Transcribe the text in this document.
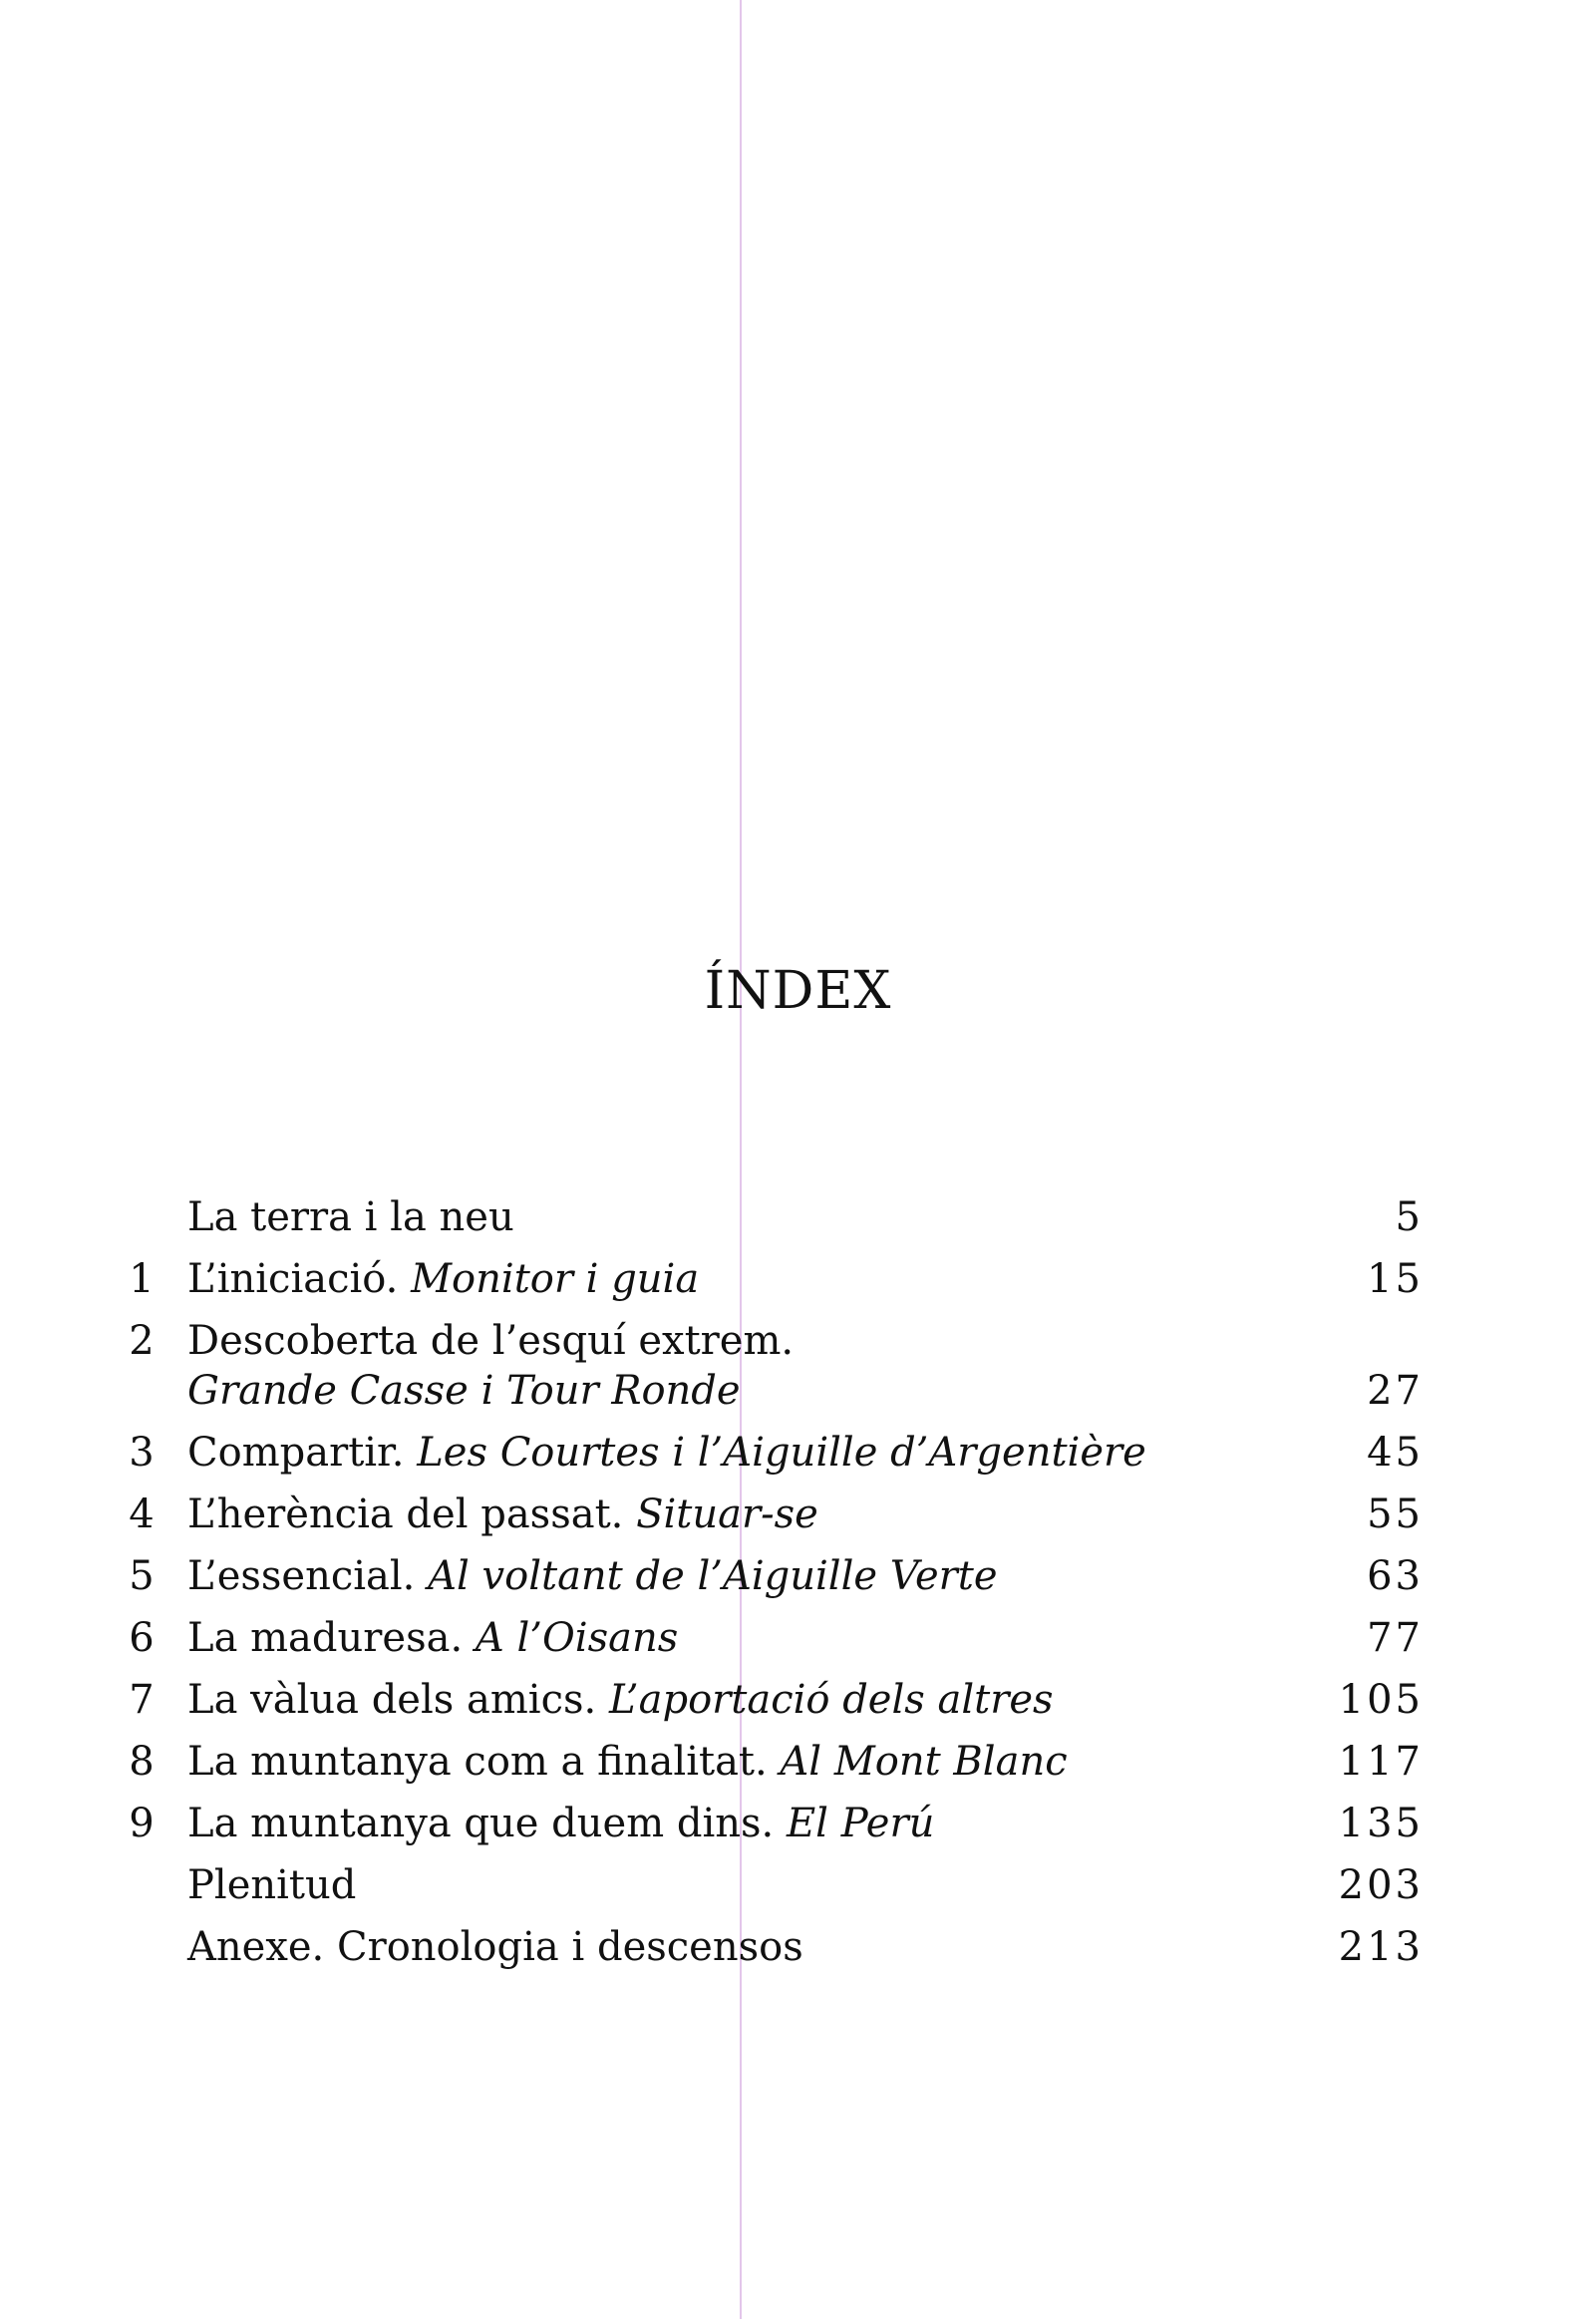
ÍNDEX
La terra i la neu	5
1 L’iniciació. Monitor i guia	15
2 Descoberta de l’esquí extrem.
Grande Casse i Tour Ronde	27
3 Compartir. Les Courtes i l’Aiguille d’Argentière	45
4 L’herència del passat. Situar-se	55
5 L’essencial. Al voltant de l’Aiguille Verte	63
6 La maduresa. A l’Oisans	77
7 La vàlua dels amics. L’aportació dels altres	105
8 La muntanya com a finalitat. Al Mont Blanc	117
9 La muntanya que duem dins. El Perú	135
Plenitud	203
Anexe. Cronologia i descensos	213
